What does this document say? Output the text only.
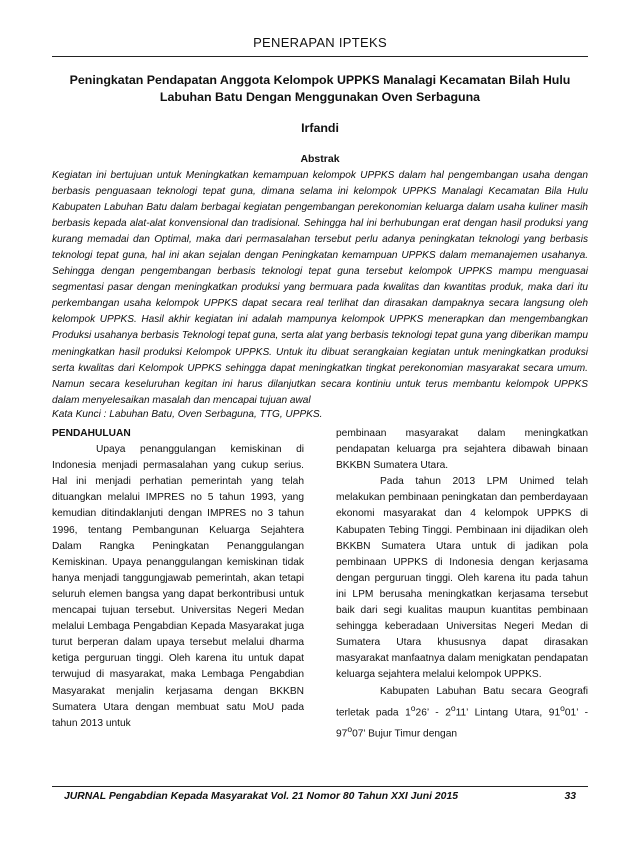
PENERAPAN IPTEKS
Peningkatan Pendapatan Anggota Kelompok UPPKS Manalagi Kecamatan Bilah Hulu Labuhan Batu Dengan Menggunakan Oven Serbaguna
Irfandi
Abstrak

Kegiatan ini bertujuan untuk Meningkatkan kemampuan kelompok UPPKS dalam hal pengembangan usaha dengan berbasis penguasaan teknologi tepat guna, dimana selama ini kelompok UPPKS Manalagi Kecamatan Bila Hulu Kabupaten Labuhan Batu dalam berbagai kegiatan pengembangan perekonomian keluarga dalam usaha kuliner masih berbasis kepada alat-alat konvensional dan tradisional. Sehingga hal ini berhubungan erat dengan hasil produksi yang kurang memadai dan Optimal, maka dari permasalahan tersebut perlu adanya peningkatan teknologi yang berbasis teknologi tepat guna, hal ini akan sejalan dengan Peningkatan kemampuan UPPKS dalam memanajemen usahanya. Sehingga dengan pengembangan berbasis teknologi tepat guna tersebut kelompok UPPKS mampu menguasai segmentasi pasar dengan meningkatkan produksi yang bermuara pada kwalitas dan kwantitas produk, maka dari itu perkembangan usaha kelompok UPPKS dapat secara real terlihat dan dirasakan dampaknya secara langsung oleh kelompok UPPKS. Hasil akhir kegiatan ini adalah mampunya kelompok UPPKS menerapkan dan mengembangkan Produksi usahanya berbasis Teknologi tepat guna, serta alat yang berbasis teknologi tepat guna yang diberikan mampu meningkatkan hasil produksi Kelompok UPPKS. Untuk itu dibuat serangkaian kegiatan untuk meningkatkan produksi serta kwalitas dari Kelompok UPPKS sehingga dapat meningkatkan tingkat perekonomian masyarakat secara umum. Namun secara keseluruhan kegitan ini harus dilanjutkan secara kontiniu untuk terus membantu kelompok UPPKS dalam menyelesaikan masalah dan mencapai tujuan awal

Kata Kunci : Labuhan Batu, Oven Serbaguna, TTG, UPPKS.

PENDAHULUAN

Upaya penanggulangan kemiskinan di Indonesia menjadi permasalahan yang cukup serius. Hal ini menjadi perhatian pemerintah yang telah dituangkan melalui IMPRES no 5 tahun 1993, yang kemudian ditindaklanjuti dengan IMPRES no 3 tahun 1996, tentang Pembangunan Keluarga Sejahtera Dalam Rangka Peningkatan Penanggulangan Kemiskinan. Upaya penanggulangan kemiskinan tidak hanya menjadi tanggungjawab pemerintah, akan tetapi seluruh elemen bangsa yang dapat berkontribusi untuk mencapai tujuan tersebut. Universitas Negeri Medan melalui Lembaga Pengabdian Kepada Masyarakat juga turut berperan dalam upaya tersebut melalui dharma ketiga perguruan tinggi. Oleh karena itu untuk dapat terwujud di masyarakat, maka Lembaga Pengabdian Masyarakat menjalin kerjasama dengan BKKBN Sumatera Utara dengan membuat satu MoU pada tahun 2013 untuk

pembinaan masyarakat dalam meningkatkan pendapatan keluarga pra sejahtera dibawah binaan BKKBN Sumatera Utara.

Pada tahun 2013 LPM Unimed telah melakukan pembinaan peningkatan dan pemberdayaan ekonomi masyarakat dan 4 kelompok UPPKS di Kabupaten Tebing Tinggi. Pembinaan ini dijadikan oleh BKKBN Sumatera Utara untuk di jadikan pola pembinaan UPPKS di Indonesia dengan kerjasama dengan perguruan tinggi. Oleh karena itu pada tahun ini LPM berusaha meningkatkan kerjasama tersebut baik dari segi kualitas maupun kuantitas pembinaan sehingga keberadaan Universitas Negeri Medan di Sumatera Utara khususnya dapat dirasakan masyarakat manfaatnya dalam menigkatan pendapatan keluarga sejahtera melalui kelompok UPPKS.

Kabupaten Labuhan Batu secara Geografi terletak pada 1$^o$26’ - 2$^o$11’ Lintang Utara, 91$^o$01’ - 97$^o$07’ Bujur Timur dengan

JURNAL Pengabdian Kepada Masyarakat Vol. 21 Nomor 80 Tahun XXI Juni 2015	33
